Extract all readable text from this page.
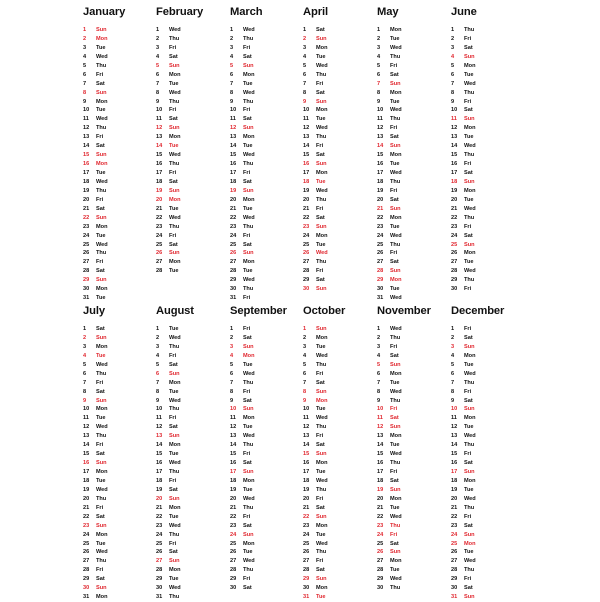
January
1 Sun
2 Mon
3 Tue
4 Wed
5 Thu
6 Fri
7 Sat
8 Sun
9 Mon
10 Tue
11 Wed
12 Thu
13 Fri
14 Sat
15 Sun
16 Mon
17 Tue
18 Wed
19 Thu
20 Fri
21 Sat
22 Sun
23 Mon
24 Tue
25 Wed
26 Thu
27 Fri
28 Sat
29 Sun
30 Mon
31 Tue
February
1 Wed
2 Thu
3 Fri
4 Sat
5 Sun
6 Mon
7 Tue
8 Wed
9 Thu
10 Fri
11 Sat
12 Sun
13 Mon
14 Tue
15 Wed
16 Thu
17 Fri
18 Sat
19 Sun
20 Mon
21 Tue
22 Wed
23 Thu
24 Fri
25 Sat
26 Sun
27 Mon
28 Tue
March
1 Wed
2 Thu
3 Fri
4 Sat
5 Sun
6 Mon
7 Tue
8 Wed
9 Thu
10 Fri
11 Sat
12 Sun
13 Mon
14 Tue
15 Wed
16 Thu
17 Fri
18 Sat
19 Sun
20 Mon
21 Tue
22 Wed
23 Thu
24 Fri
25 Sat
26 Sun
27 Mon
28 Tue
29 Wed
30 Thu
31 Fri
April
1 Sat
2 Sun
3 Mon
4 Tue
5 Wed
6 Thu
7 Fri
8 Sat
9 Sun
10 Mon
11 Tue
12 Wed
13 Thu
14 Fri
15 Sat
16 Sun
17 Mon
18 Tue
19 Wed
20 Thu
21 Fri
22 Sat
23 Sun
24 Mon
25 Tue
26 Wed
27 Thu
28 Fri
29 Sat
30 Sun
May
1 Mon
2 Tue
3 Wed
4 Thu
5 Fri
6 Sat
7 Sun
8 Mon
9 Tue
10 Wed
11 Thu
12 Fri
13 Sat
14 Sun
15 Mon
16 Tue
17 Wed
18 Thu
19 Fri
20 Sat
21 Sun
22 Mon
23 Tue
24 Wed
25 Thu
26 Fri
27 Sat
28 Sun
29 Mon
30 Tue
31 Wed
June
1 Thu
2 Fri
3 Sat
4 Sun
5 Mon
6 Tue
7 Wed
8 Thu
9 Fri
10 Sat
11 Sun
12 Mon
13 Tue
14 Wed
15 Thu
16 Fri
17 Sat
18 Sun
19 Mon
20 Tue
21 Wed
22 Thu
23 Fri
24 Sat
25 Sun
26 Mon
27 Tue
28 Wed
29 Thu
30 Fri
July
1 Sat
2 Sun
3 Mon
4 Tue
5 Wed
6 Thu
7 Fri
8 Sat
9 Sun
10 Mon
11 Tue
12 Wed
13 Thu
14 Fri
15 Sat
16 Sun
17 Mon
18 Tue
19 Wed
20 Thu
21 Fri
22 Sat
23 Sun
24 Mon
25 Tue
26 Wed
27 Thu
28 Fri
29 Sat
30 Sun
31 Mon
August
1 Tue
2 Wed
3 Thu
4 Fri
5 Sat
6 Sun
7 Mon
8 Tue
9 Wed
10 Thu
11 Fri
12 Sat
13 Sun
14 Mon
15 Tue
16 Wed
17 Thu
18 Fri
19 Sat
20 Sun
21 Mon
22 Tue
23 Wed
24 Thu
25 Fri
26 Sat
27 Sun
28 Mon
29 Tue
30 Wed
31 Thu
September
1 Fri
2 Sat
3 Sun
4 Mon
5 Tue
6 Wed
7 Thu
8 Fri
9 Sat
10 Sun
11 Mon
12 Tue
13 Wed
14 Thu
15 Fri
16 Sat
17 Sun
18 Mon
19 Tue
20 Wed
21 Thu
22 Fri
23 Sat
24 Sun
25 Mon
26 Tue
27 Wed
28 Thu
29 Fri
30 Sat
October
1 Sun
2 Mon
3 Tue
4 Wed
5 Thu
6 Fri
7 Sat
8 Sun
9 Mon
10 Tue
11 Wed
12 Thu
13 Fri
14 Sat
15 Sun
16 Mon
17 Tue
18 Wed
19 Thu
20 Fri
21 Sat
22 Sun
23 Mon
24 Tue
25 Wed
26 Thu
27 Fri
28 Sat
29 Sun
30 Mon
31 Tue
November
1 Wed
2 Thu
3 Fri
4 Sat
5 Sun
6 Mon
7 Tue
8 Wed
9 Thu
10 Fri
11 Sat
12 Sun
13 Mon
14 Tue
15 Wed
16 Thu
17 Fri
18 Sat
19 Sun
20 Mon
21 Tue
22 Wed
23 Thu
24 Fri
25 Sat
26 Sun
27 Mon
28 Tue
29 Wed
30 Thu
December
1 Fri
2 Sat
3 Sun
4 Mon
5 Tue
6 Wed
7 Thu
8 Fri
9 Sat
10 Sun
11 Mon
12 Tue
13 Wed
14 Thu
15 Fri
16 Sat
17 Sun
18 Mon
19 Tue
20 Wed
21 Thu
22 Fri
23 Sat
24 Sun
25 Mon
26 Tue
27 Wed
28 Thu
29 Fri
30 Sat
31 Sun
